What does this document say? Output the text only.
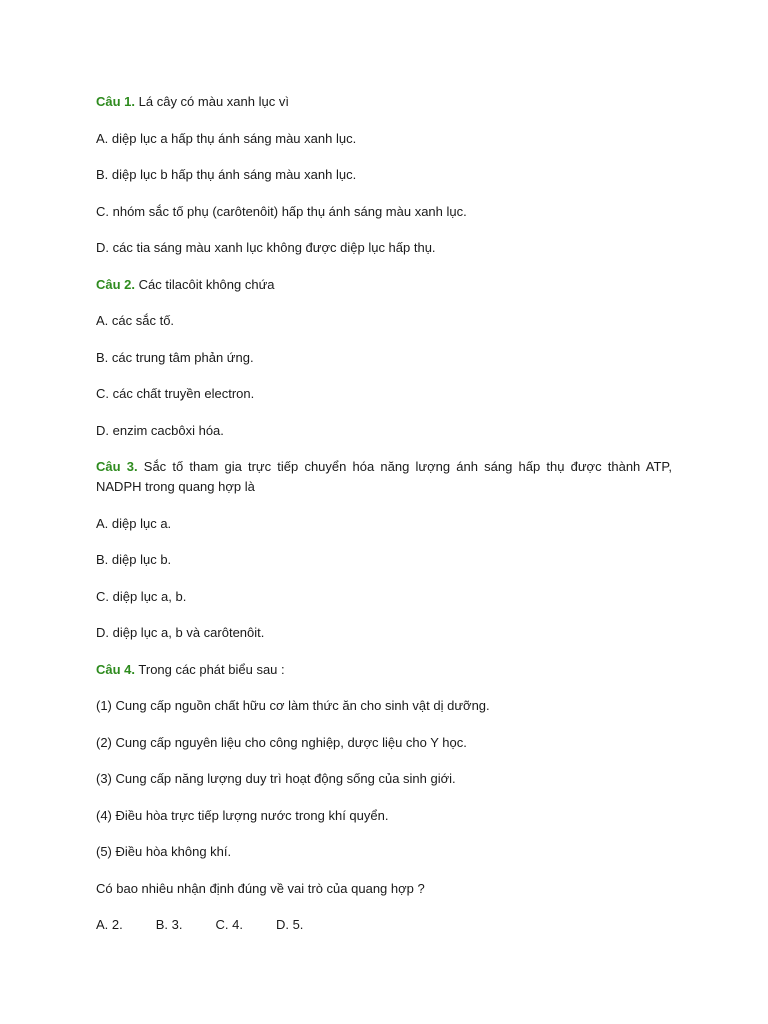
Câu 1. Lá cây có màu xanh lục vì

A. diệp lục a hấp thụ ánh sáng màu xanh lục.

B. diệp lục b hấp thụ ánh sáng màu xanh lục.

C. nhóm sắc tố phụ (carôtenôit) hấp thụ ánh sáng màu xanh lục.

D. các tia sáng màu xanh lục không được diệp lục hấp thụ.

Câu 2. Các tilacôit không chứa

A. các sắc tố.

B. các trung tâm phản ứng.

C. các chất truyền electron.

D. enzim cacbôxi hóa.

Câu 3. Sắc tố tham gia trực tiếp chuyển hóa năng lượng ánh sáng hấp thụ được thành ATP, NADPH trong quang hợp là

A. diệp lục a.

B. diệp lục b.

C. diệp lục a, b.

D. diệp lục a, b và carôtenôit.

Câu 4. Trong các phát biểu sau :

(1) Cung cấp nguồn chất hữu cơ làm thức ăn cho sinh vật dị dưỡng.

(2) Cung cấp nguyên liệu cho công nghiệp, dược liệu cho Y học.

(3) Cung cấp năng lượng duy trì hoạt động sống của sinh giới.

(4) Điều hòa trực tiếp lượng nước trong khí quyển.

(5) Điều hòa không khí.

Có bao nhiêu nhận định đúng về vai trò của quang hợp ?

A. 2.	B. 3.	C. 4.	D. 5.
